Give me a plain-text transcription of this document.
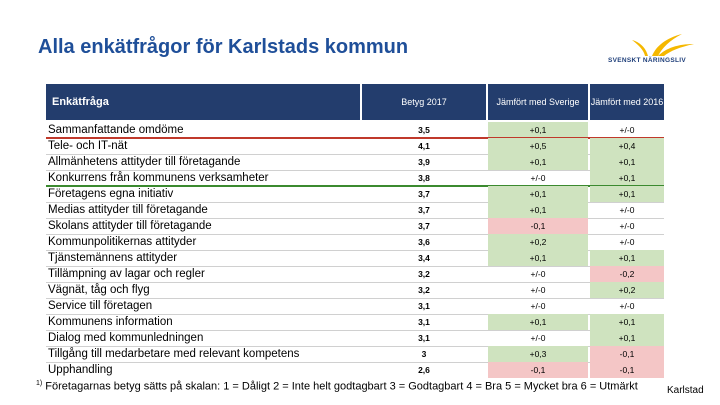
Alla enkätfrågor för Karlstads kommun
SVENSKT NÄRINGSLIV
Enkätfråga	Betyg 2017	Jämfört med Sverige	Jämfört med 2016
Sammanfattande omdöme	3,5	+0,1	+/-0
Tele- och IT-nät	4,1	+0,5	+0,4
Allmänhetens attityder till företagande	3,9	+0,1	+0,1
Konkurrens från kommunens verksamheter	3,8	+/-0	+0,1
Företagens egna initiativ	3,7	+0,1	+0,1
Medias attityder till företagande	3,7	+0,1	+/-0
Skolans attityder till företagande	3,7	-0,1	+/-0
Kommunpolitikernas attityder	3,6	+0,2	+/-0
Tjänstemännens attityder	3,4	+0,1	+0,1
Tillämpning av lagar och regler	3,2	+/-0	-0,2
Vägnät, tåg och flyg	3,2	+/-0	+0,2
Service till företagen	3,1	+/-0	+/-0
Kommunens information	3,1	+0,1	+0,1
Dialog med kommunledningen	3,1	+/-0	+0,1
Tillgång till medarbetare med relevant kompetens	3	+0,3	-0,1
Upphandling	2,6	-0,1	-0,1
$^{1)}$ Företagarnas betyg sätts på skalan: 1 = Dåligt 2 = Inte helt godtagbart 3 = Godtagbart 4 = Bra 5 = Mycket bra 6 = Utmärkt	Karlstad
